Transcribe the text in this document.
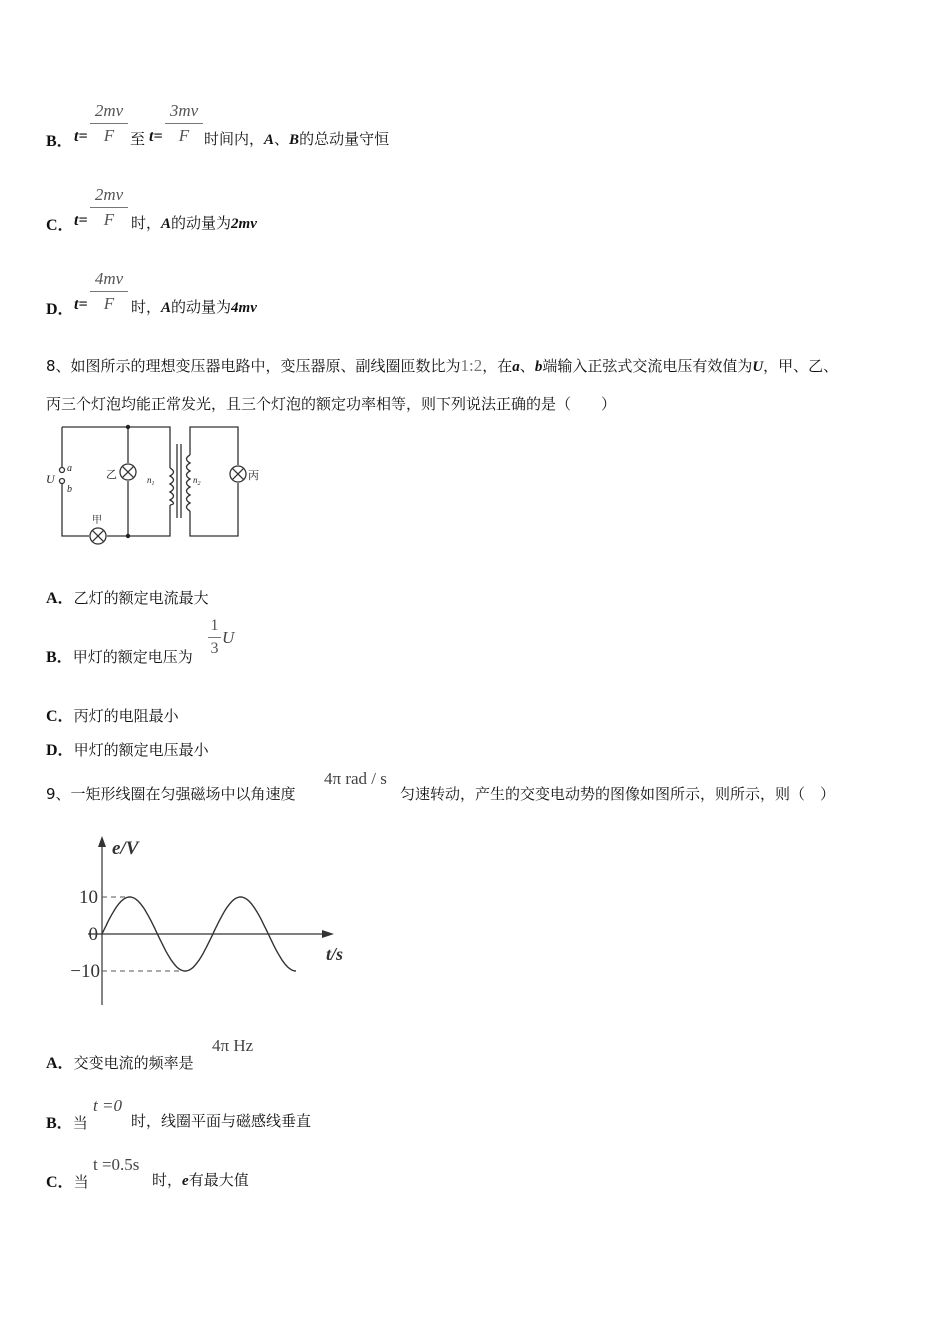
B． t=
2mv
F	至 t=
3mv
F 时间内，A、B的总动量守恒
C． t=
2mv
F	时，A的动量为2mv
D． t=
4mv
F	时，A的动量为4mv
8、如图所示的理想变压器电路中，变压器原、副线圈匝数比为1:2，在a、b端输入正弦式交流电压有效值为U，甲、乙、
丙三个灯泡均能正常发光，且三个灯泡的额定功率相等，则下列说法正确的是（　　）
U
a
b
乙
甲
丙
$n_1$	$n_2$
A．乙灯的额定电流最大
B．甲灯的额定电压为
1
3
U
C．丙灯的电阻最小
D．甲灯的额定电压最小
9、一矩形线圈在匀强磁场中以角速度
4π rad / s
匀速转动，产生的交变电动势的图像如图所示，则所示，则（　）
e/V
t/s
10
0
−10
A．交变电流的频率是
4π Hz
B．当
t =0
时，线圈平面与磁感线垂直
C．当
t =0.5s
时，e有最大值
